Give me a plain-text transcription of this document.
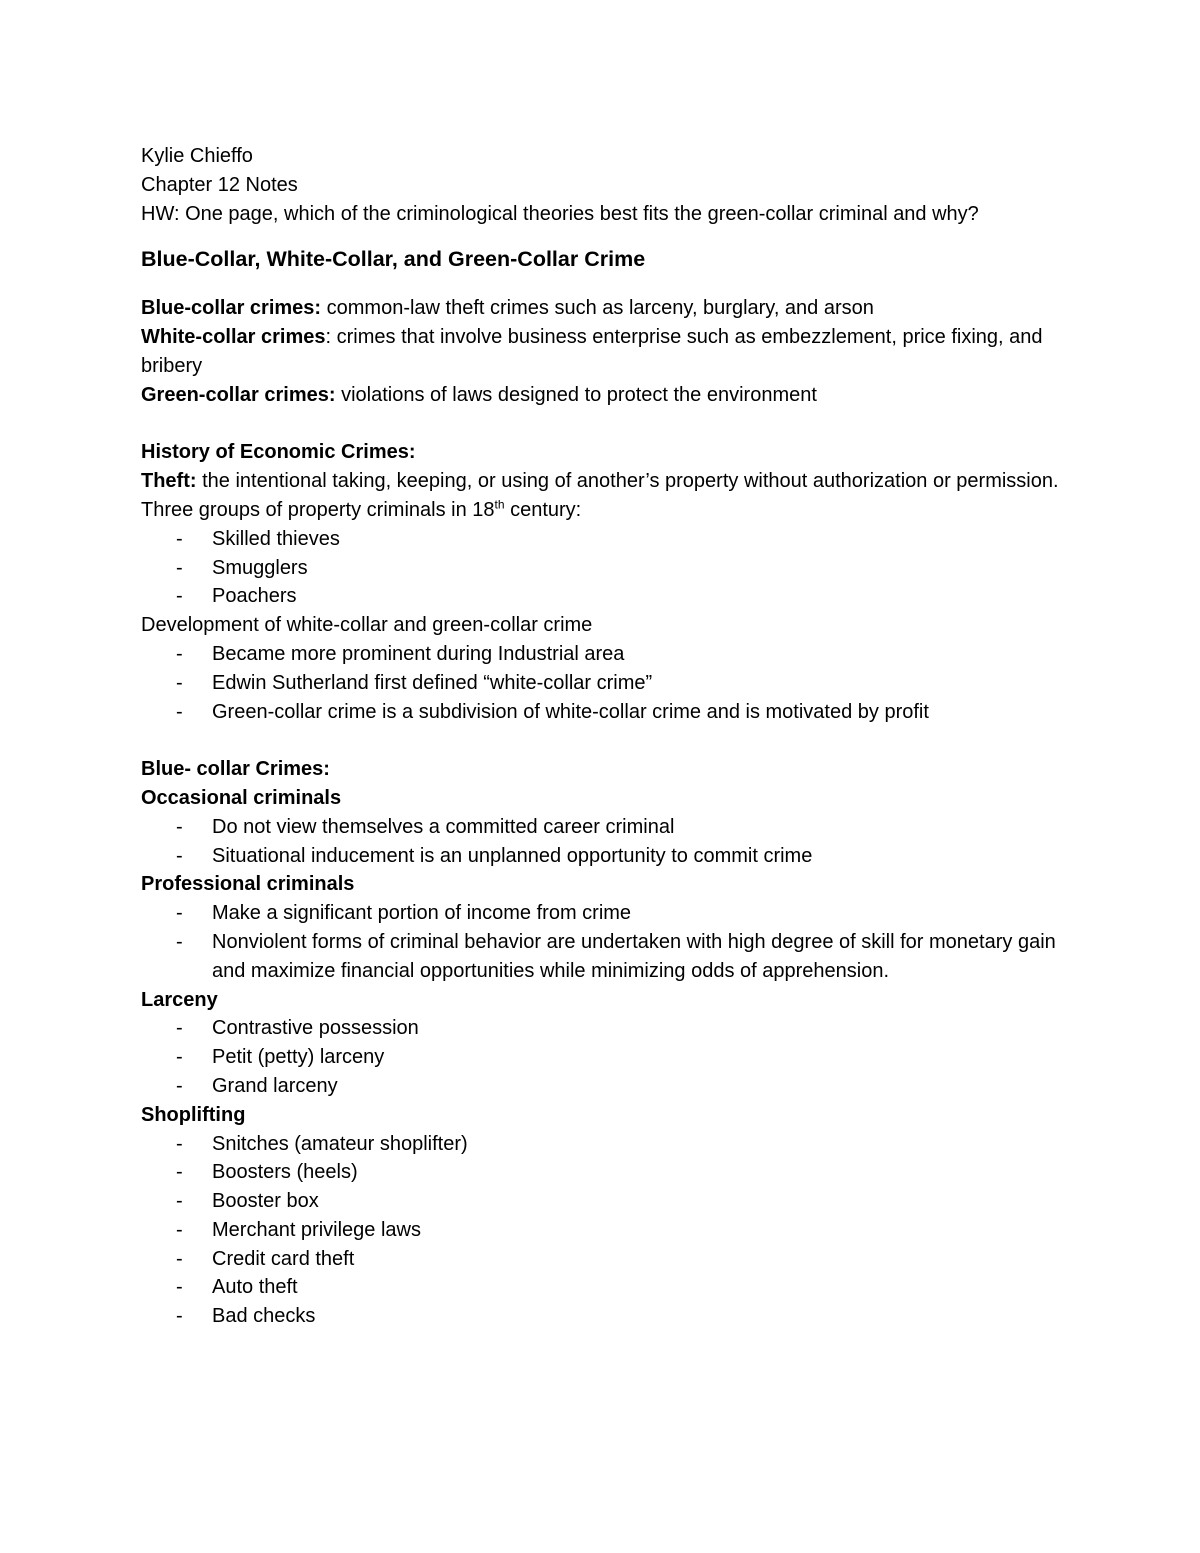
Kylie Chieffo

Chapter 12 Notes

HW: One page, which of the criminological theories best fits the green-collar criminal and why?

Blue-Collar, White-Collar, and Green-Collar Crime

Blue-collar crimes: common-law theft crimes such as larceny, burglary, and arson

White-collar crimes: crimes that involve business enterprise such as embezzlement, price fixing, and bribery

Green-collar crimes: violations of laws designed to protect the environment

History of Economic Crimes:

Theft: the intentional taking, keeping, or using of another’s property without authorization or permission.

Three groups of property criminals in 18th century:

- Skilled thieves
- Smugglers
- Poachers

Development of white-collar and green-collar crime

- Became more prominent during Industrial area
- Edwin Sutherland first defined “white-collar crime”
- Green-collar crime is a subdivision of white-collar crime and is motivated by profit

Blue- collar Crimes:

Occasional criminals

- Do not view themselves a committed career criminal
- Situational inducement is an unplanned opportunity to commit crime

Professional criminals

- Make a significant portion of income from crime
- Nonviolent forms of criminal behavior are undertaken with high degree of skill for monetary gain and maximize financial opportunities while minimizing odds of apprehension.

Larceny

- Contrastive possession
- Petit (petty) larceny
- Grand larceny

Shoplifting

- Snitches (amateur shoplifter)
- Boosters (heels)
- Booster box
- Merchant privilege laws
- Credit card theft
- Auto theft
- Bad checks
